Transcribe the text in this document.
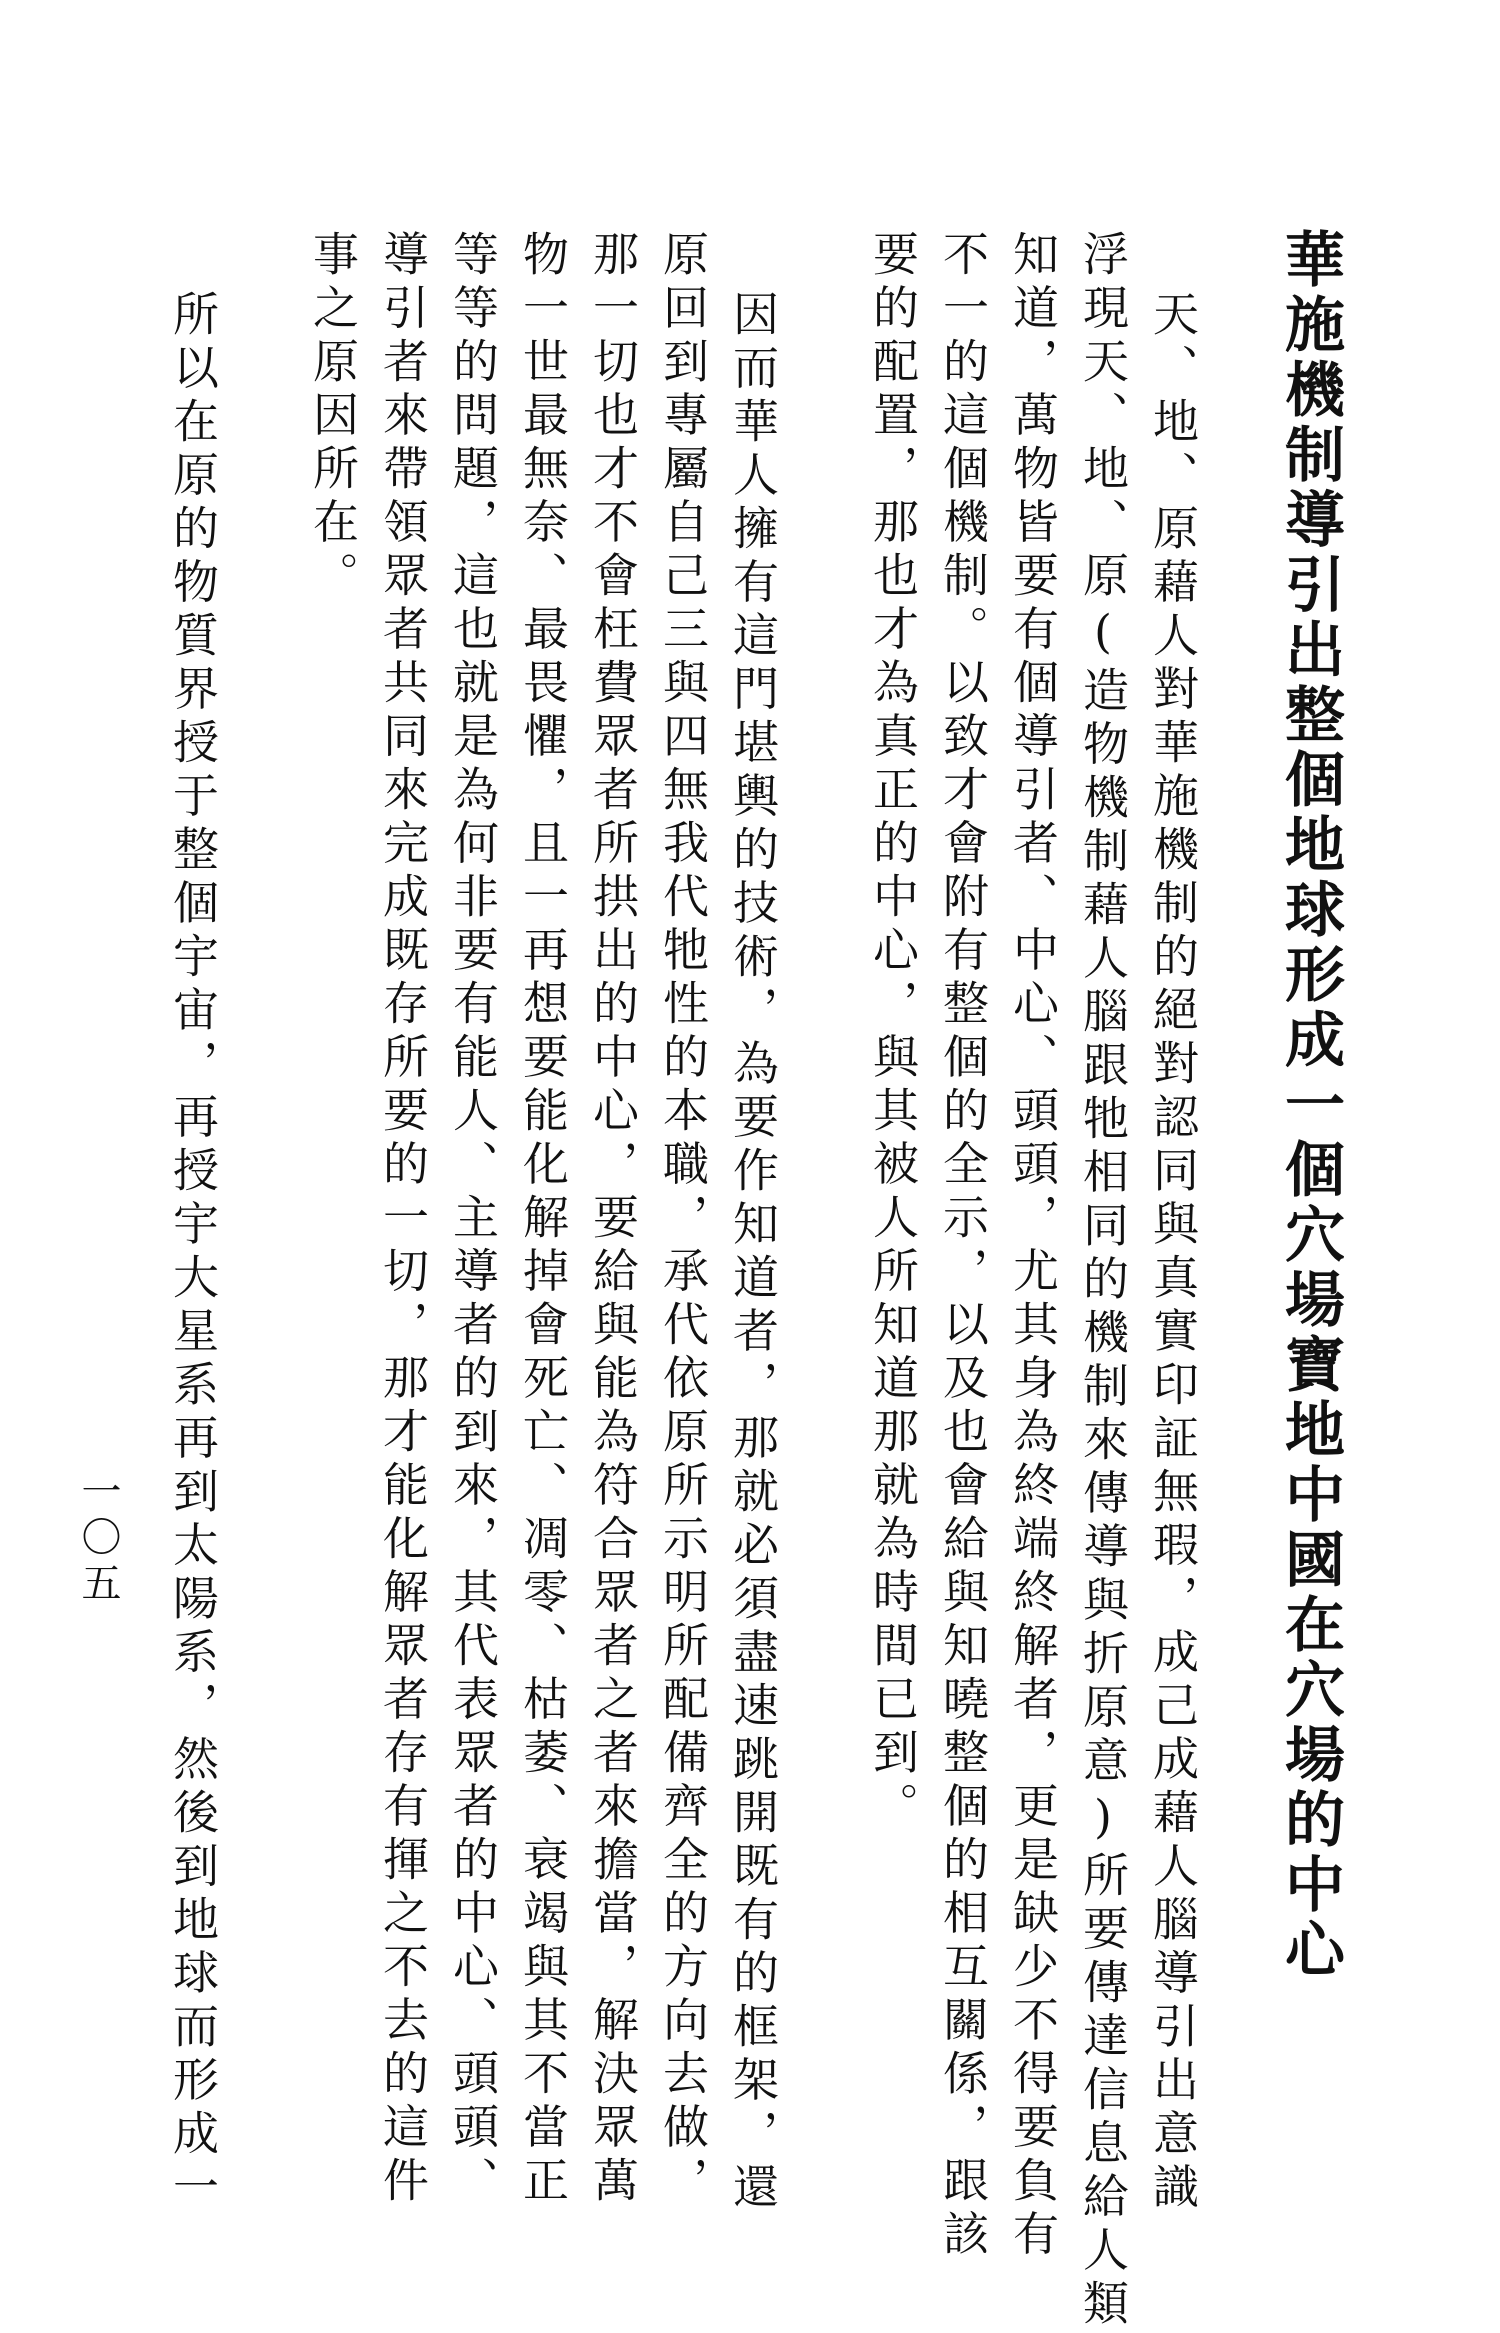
華施機制導引出整個地球形成一個穴場寶地中國在穴場的中心
天、地、原藉人對華施機制的絕對認同與真實印証無瑕，成己成藉人腦導引出意識
浮現天、地、原(造物機制藉人腦跟牠相同的機制來傳導與折原意)所要傳達信息給人類
知道，萬物皆要有個導引者、中心、頭頭，尤其身為終端終解者，更是缺少不得要負有
不一的這個機制。以致才會附有整個的全示，以及也會給與知曉整個的相互關係，跟該
要的配置，那也才為真正的中心，與其被人所知道那就為時間已到。
因而華人擁有這門堪輿的技術，為要作知道者，那就必須盡速跳開既有的框架，還
原回到專屬自己三與四無我代牠性的本職，承代依原所示明所配備齊全的方向去做，
那一切也才不會枉費眾者所拱出的中心，要給與能為符合眾者之者來擔當，解決眾萬
物一世最無奈、最畏懼，且一再想要能化解掉會死亡、凋零、枯萎、衰竭與其不當正
等等的問題，這也就是為何非要有能人、主導者的到來，其代表眾者的中心、頭頭、
導引者來帶領眾者共同來完成既存所要的一切，那才能化解眾者存有揮之不去的這件
事之原因所在。
所以在原的物質界授于整個宇宙，再授宇大星系再到太陽系，然後到地球而形成一
一〇五
